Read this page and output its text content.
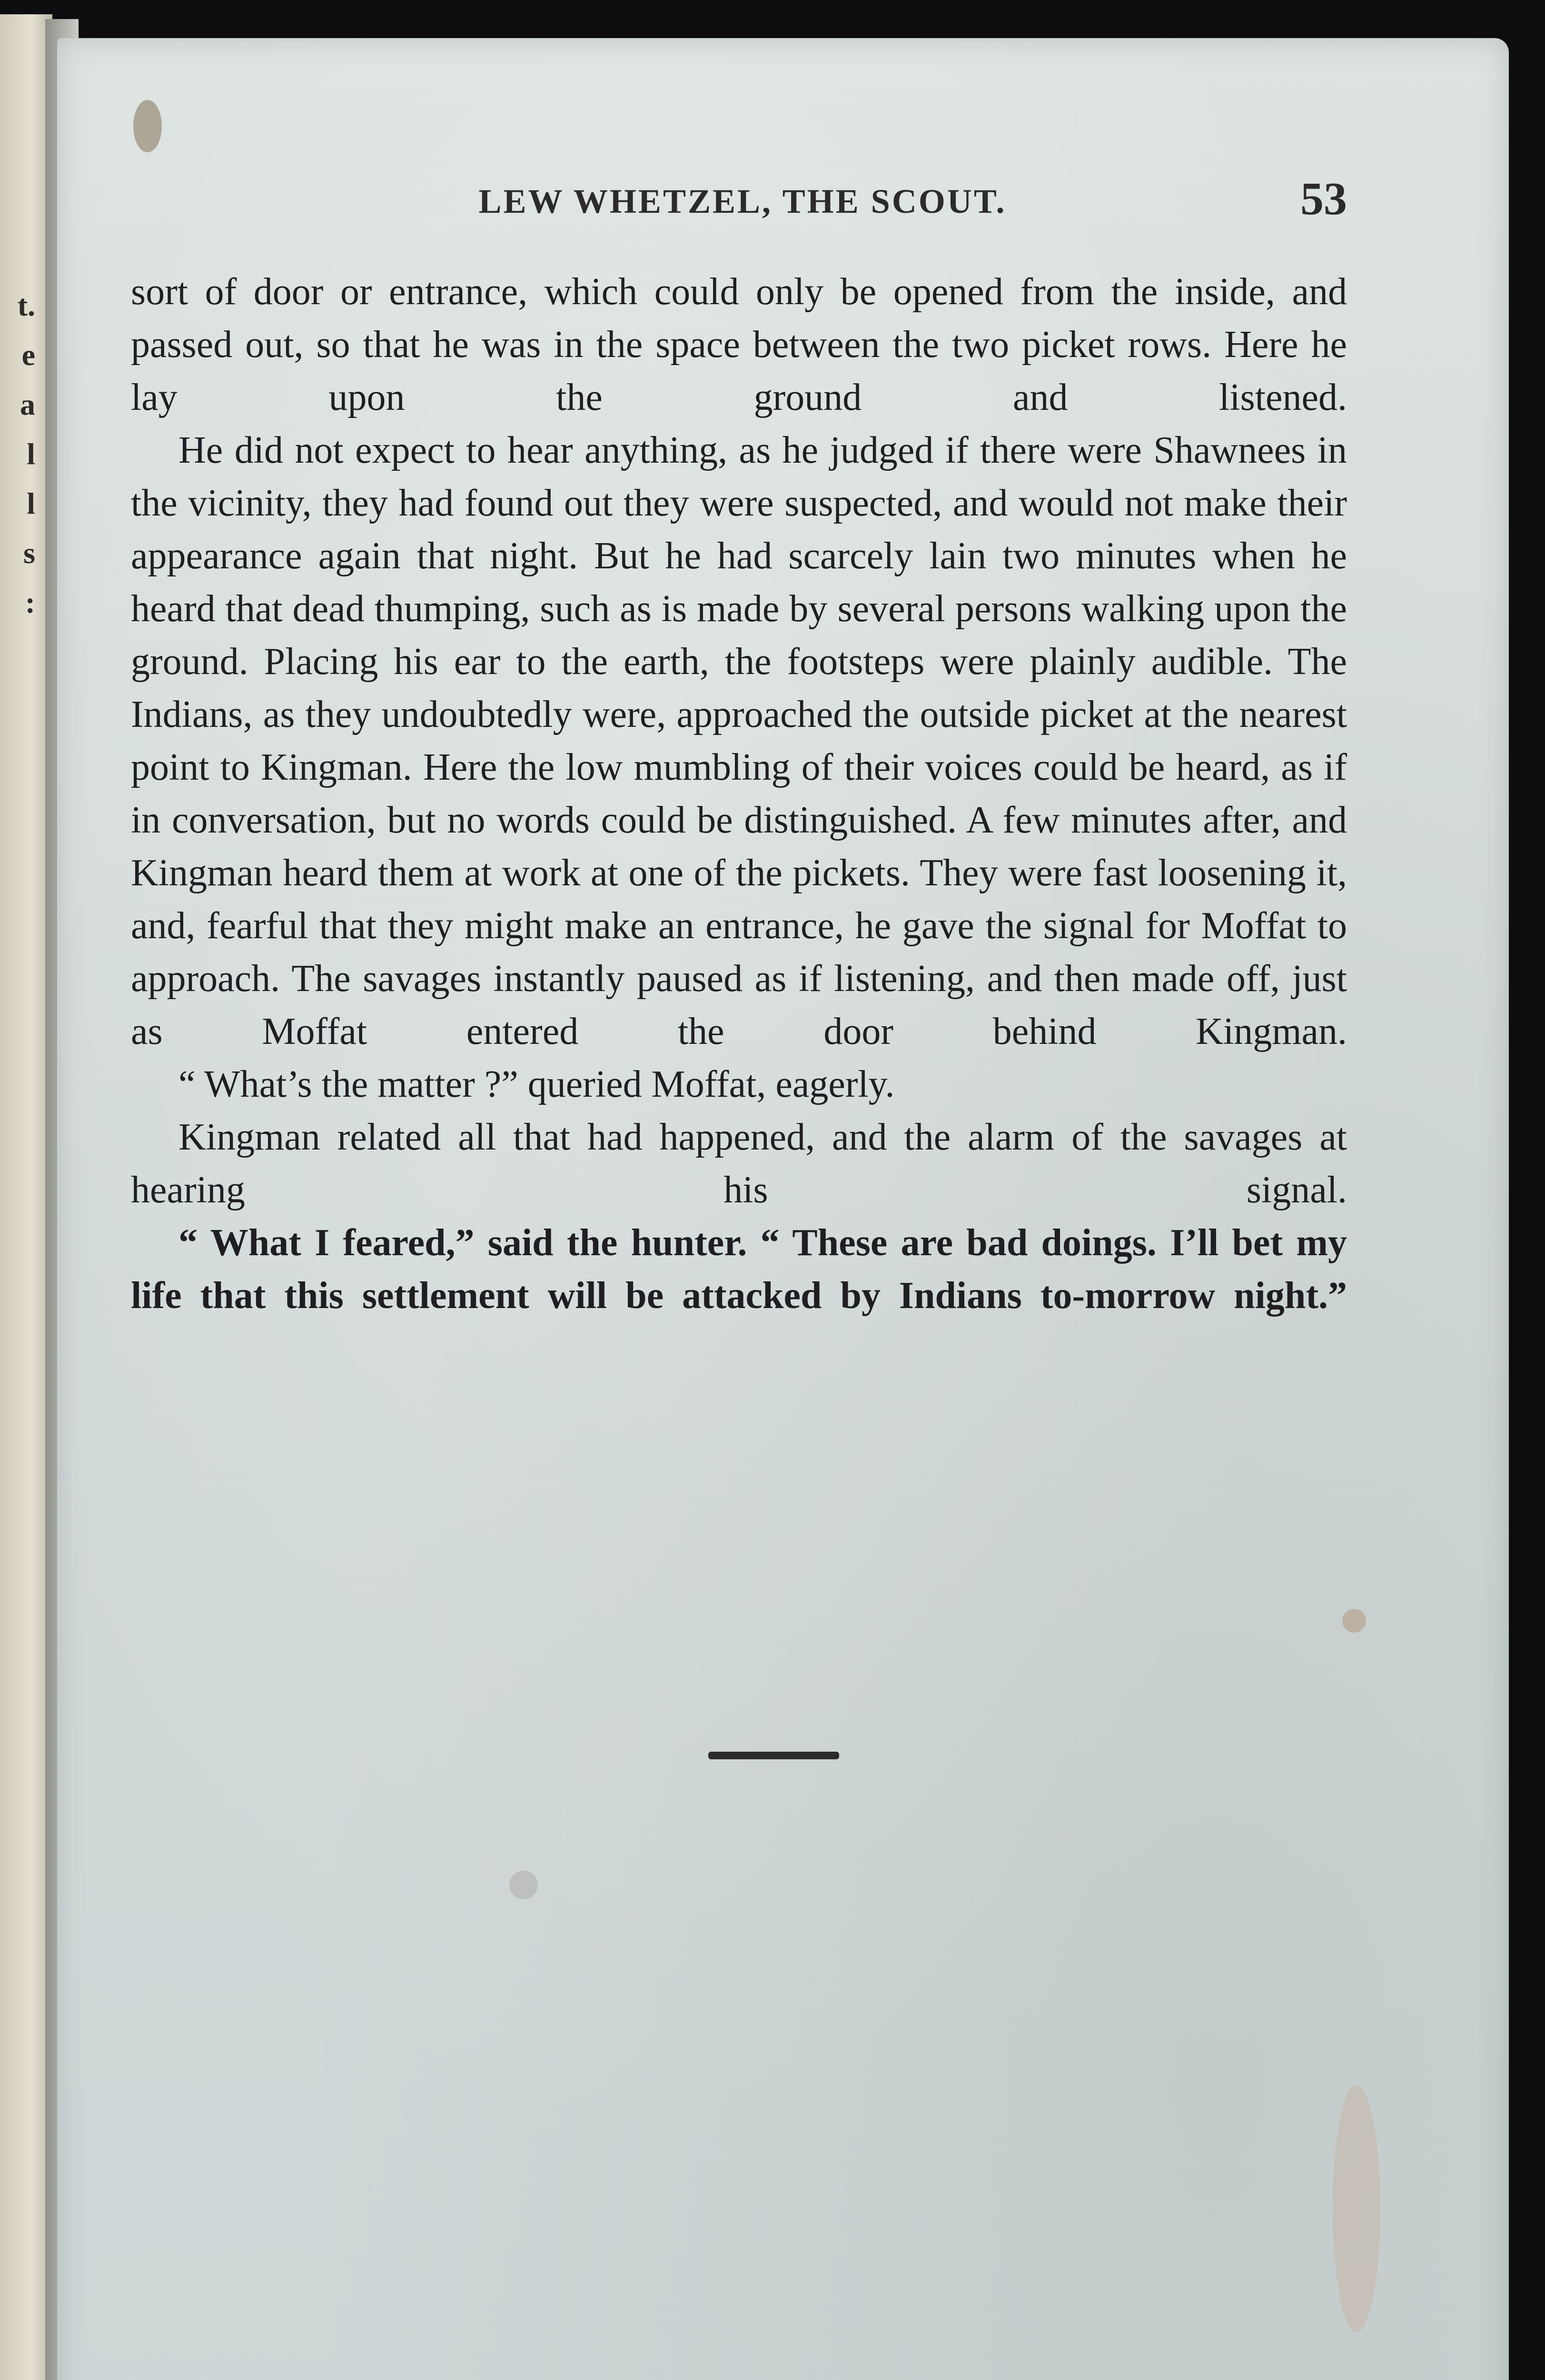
t.
e
a
l
l
s
:
LEW WHETZEL, THE SCOUT.	53

sort of door or entrance, which could only be opened from the inside, and passed out, so that he was in the space between the two picket rows. Here he lay upon the ground and listened.

He did not expect to hear anything, as he judged if there were Shawnees in the vicinity, they had found out they were suspected, and would not make their appearance again that night. But he had scarcely lain two minutes when he heard that dead thumping, such as is made by several persons walking upon the ground. Placing his ear to the earth, the footsteps were plainly audible. The Indians, as they undoubtedly were, approached the outside picket at the nearest point to Kingman. Here the low mumbling of their voices could be heard, as if in conversation, but no words could be distinguished. A few minutes after, and Kingman heard them at work at one of the pickets. They were fast loosening it, and, fearful that they might make an entrance, he gave the signal for Moffat to approach. The savages instantly paused as if listening, and then made off, just as Moffat entered the door behind Kingman.

“ What’s the matter ?” queried Moffat, eagerly.

Kingman related all that had happened, and the alarm of the savages at hearing his signal.

“ What I feared,” said the hunter. “ These are bad doings. I’ll bet my life that this settlement will be attacked by Indians to-morrow night.”
